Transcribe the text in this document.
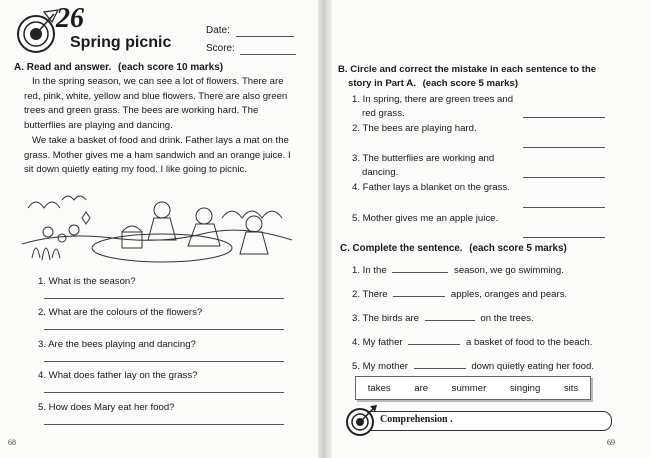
26
Spring picnic
Date:
Score:
A. Read and answer. (each score 10 marks)
In the spring season, we can see a lot of flowers. There are red, pink, white, yellow and blue flowers. There are also green trees and green grass. The bees are working hard. The butterflies are playing and dancing.
We take a basket of food and drink. Father lays a mat on the grass. Mother gives me a ham sandwich and an orange juice. I sit down quietly eating my food. I like going to picnic.
1. What is the season?
2. What are the colours of the flowers?
3. Are the bees playing and dancing?
4. What does father lay on the grass?
5. How does Mary eat her food?
68
B. Circle and correct the mistake in each sentence to the
story in Part A. (each score 5 marks)
1. In spring, there are green trees and
red grass.
2. The bees are playing hard.
3. The butterflies are working and
dancing.
4. Father lays a blanket on the grass.
5. Mother gives me an apple juice.
C. Complete the sentence. (each score 5 marks)
1. In the	season, we go swimming.
2. There	apples, oranges and pears.
3. The birds are	on the trees.
4. My father	a basket of food to the beach.
5. My mother	down quietly eating her food.
takes are summer singing sits
Comprehension .
69
